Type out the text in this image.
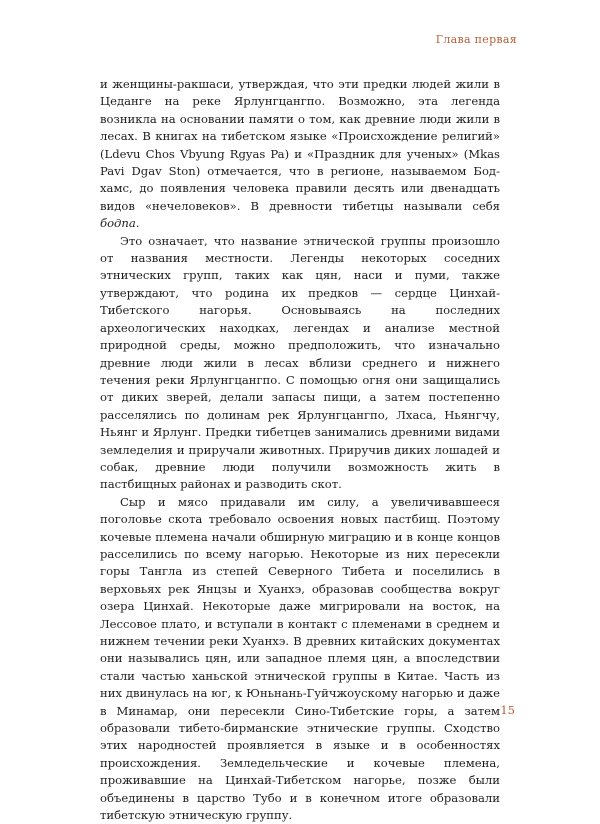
Глава первая

и женщины-ракшаси, утверждая, что эти предки людей жили в Цеданге на реке Ярлунгцангпо. Возможно, эта легенда возникла на основании памяти о том, как древние люди жили в лесах. В книгах на тибетском языке «Происхождение религий» (Ldevu Chos Vbyung Rgyas Pa) и «Праздник для ученых» (Mkas Pavi Dgav Ston) отмечается, что в регионе, называемом Бод-хамс, до появления человека правили десять или двенадцать видов «нечеловеков». В древности тибетцы называли себя бодпа.

Это означает, что название этнической группы произошло от названия местности. Легенды некоторых соседних этнических групп, таких как цян, наси и пуми, также утверждают, что родина их предков — сердце Цинхай-Тибетского нагорья. Основываясь на последних археологических находках, легендах и анализе местной природной среды, можно предположить, что изначально древние люди жили в лесах вблизи среднего и нижнего течения реки Ярлунгцангпо. С помощью огня они защищались от диких зверей, делали запасы пищи, а затем постепенно расселялись по долинам рек Ярлунгцангпо, Лхаса, Ньянгчу, Ньянг и Ярлунг. Предки тибетцев занимались древними видами земледелия и приручали животных. Приручив диких лошадей и собак, древние люди получили возможность жить в пастбищных районах и разводить скот.

Сыр и мясо придавали им силу, а увеличивавшееся поголовье скота требовало освоения новых пастбищ. Поэтому кочевые племена начали обширную миграцию и в конце концов расселились по всему нагорью. Некоторые из них пересекли горы Тангла из степей Северного Тибета и поселились в верховьях рек Янцзы и Хуанхэ, образовав сообщества вокруг озера Цинхай. Некоторые даже мигрировали на восток, на Лессовое плато, и вступали в контакт с племенами в среднем и нижнем течении реки Хуанхэ. В древних китайских документах они назывались цян, или западное племя цян, а впоследствии стали частью ханьской этнической группы в Китае. Часть из них двинулась на юг, к Юньнань-Гуйчжоускому нагорью и даже в Минамар, они пересекли Сино-Тибетские горы, а затем образовали тибето-бирманские этнические группы. Сходство этих народностей проявляется в языке и в особенностях происхождения. Земледельческие и кочевые племена, проживавшие на Цинхай-Тибетском нагорье, позже были объединены в царство Тубо и в конечном итоге образовали тибетскую этническую группу.

15
